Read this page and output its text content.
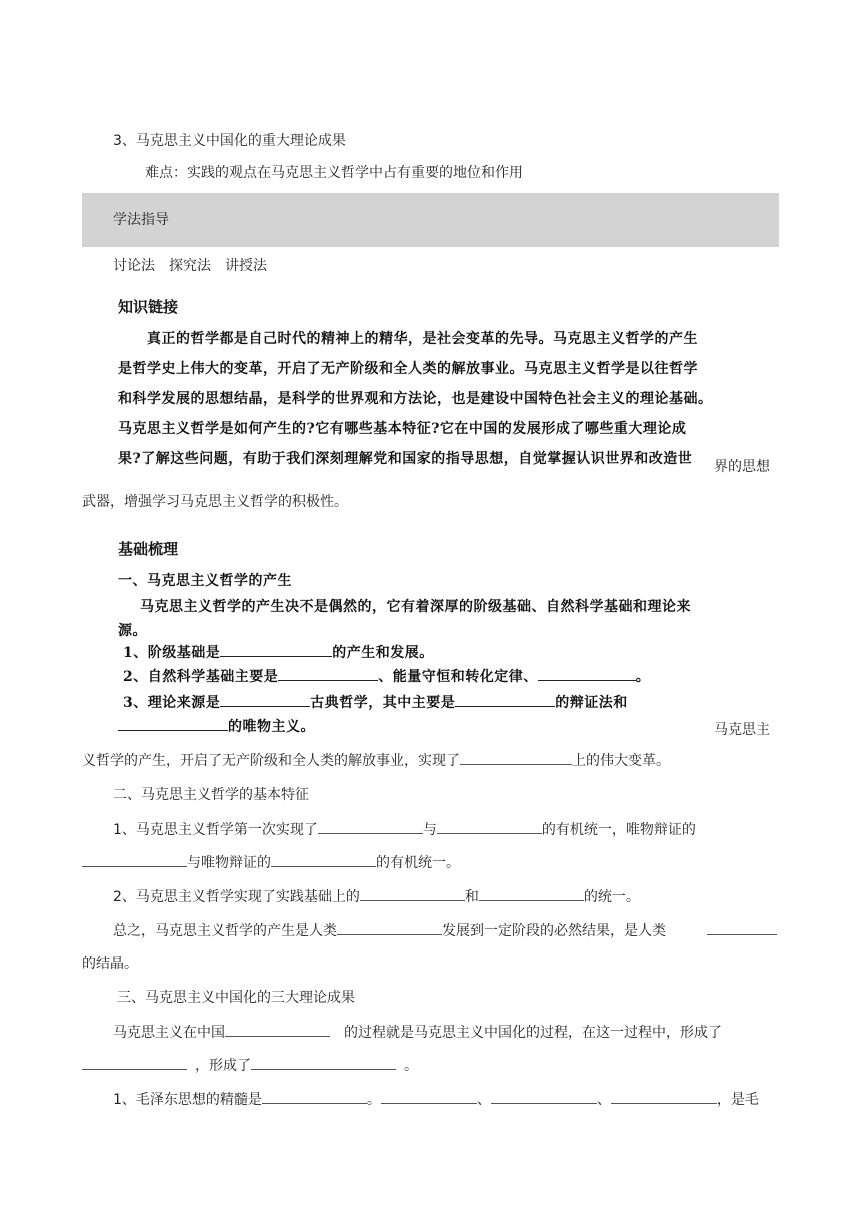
3、马克思主义中国化的重大理论成果
难点：实践的观点在马克思主义哲学中占有重要的地位和作用
学法指导
讨论法　探究法　讲授法
知识链接
真正的哲学都是自己时代的精神上的精华，是社会变革的先导。马克思主义哲学的产生
是哲学史上伟大的变革，开启了无产阶级和全人类的解放事业。马克思主义哲学是以往哲学
和科学发展的思想结晶，是科学的世界观和方法论，也是建设中国特色社会主义的理论基础。
马克思主义哲学是如何产生的?它有哪些基本特征?它在中国的发展形成了哪些重大理论成
果?了解这些问题，有助于我们深刻理解党和国家的指导思想，自觉掌握认识世界和改造世 界的思想
武器，增强学习马克思主义哲学的积极性。
基础梳理
一、马克思主义哲学的产生
马克思主义哲学的产生决不是偶然的，它有着深厚的阶级基础、自然科学基础和理论来
源。
1、阶级基础是	的产生和发展。
2、自然科学基础主要是	、能量守恒和转化定律、	。
3、理论来源是	古典哲学，其中主要是	的辩证法和
的唯物主义。	马克思主
义哲学的产生，开启了无产阶级和全人类的解放事业，实现了	上的伟大变革。
二、马克思主义哲学的基本特征
1、马克思主义哲学第一次实现了	与	的有机统一，唯物辩证的
与唯物辩证的	的有机统一。
2、马克思主义哲学实现了实践基础上的	和	的统一。
总之，马克思主义哲学的产生是人类	发展到一定阶段的必然结果，是人类
的结晶。
三、马克思主义中国化的三大理论成果
马克思主义在中国	的过程就是马克思主义中国化的过程，在这一过程中，形成了
，形成了	。
1、毛泽东思想的精髓是	。	、	、	，是毛
